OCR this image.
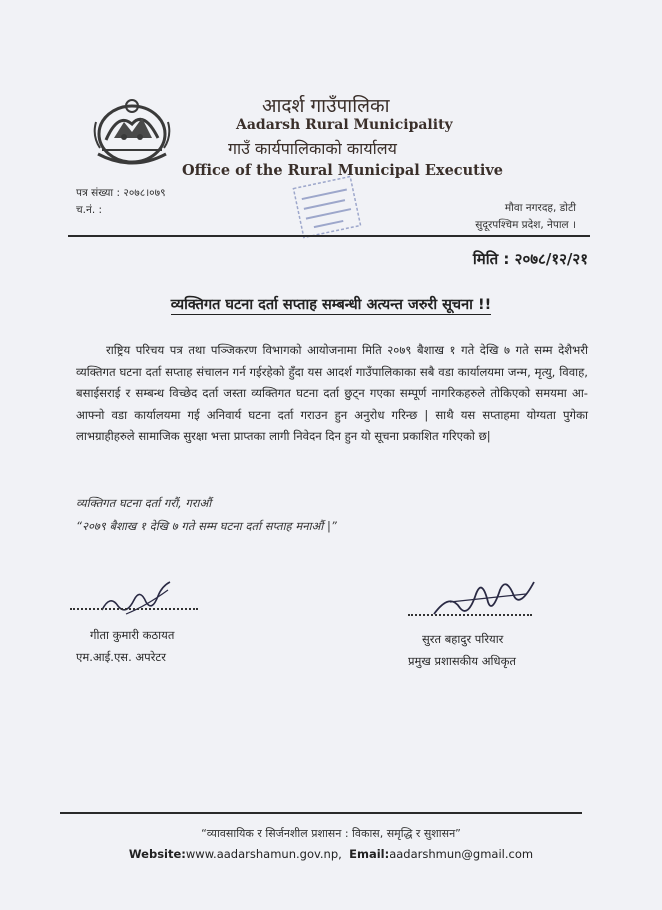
आदर्श गाउँपालिका
Aadarsh Rural Municipality
गाउँ कार्यपालिकाको कार्यालय
Office of the Rural Municipal Executive
पत्र संख्या : २०७८।०७९
च.नं. :	मौवा नगरदह, डोटी
सुदूरपश्चिम प्रदेश, नेपाल ।
मिति : २०७८/१२/२१
व्यक्तिगत घटना दर्ता सप्ताह सम्बन्धी अत्यन्त जरुरी सूचना !!
राष्ट्रिय परिचय पत्र तथा पञ्जिकरण विभागको आयोजनामा मिति २०७९ बैशाख १ गते देखि ७ गते सम्म देशैभरी व्यक्तिगत घटना दर्ता सप्ताह संचालन गर्न गईरहेको हुँदा यस आदर्श गाउँपालिकाका सबै वडा कार्यालयमा जन्म, मृत्यु, विवाह, बसाईसराई र सम्बन्ध विच्छेद दर्ता जस्ता व्यक्तिगत घटना दर्ता छुट्न गएका सम्पूर्ण नागरिकहरुले तोकिएको समयमा आ-आफ्नो वडा कार्यालयमा गई अनिवार्य घटना दर्ता गराउन हुन अनुरोध गरिन्छ | साथै यस सप्ताहमा योग्यता पुगेका लाभग्राहीहरुले सामाजिक सुरक्षा भत्ता प्राप्तका लागी निवेदन दिन हुन यो सूचना प्रकाशित गरिएको छ|
व्यक्तिगत घटना दर्ता गरौं, गराऔं
“२०७९ बैशाख १ देखि ७ गते सम्म घटना दर्ता सप्ताह मनाऔं |”
गीता कुमारी कठायत
एम.आई.एस. अपरेटर
सुरत बहादुर परियार
प्रमुख प्रशासकीय अधिकृत
“व्यावसायिक र सिर्जनशील प्रशासन : विकास, समृद्धि र सुशासन”
Website:www.aadarshamun.gov.np, Email:aadarshmun@gmail.com
